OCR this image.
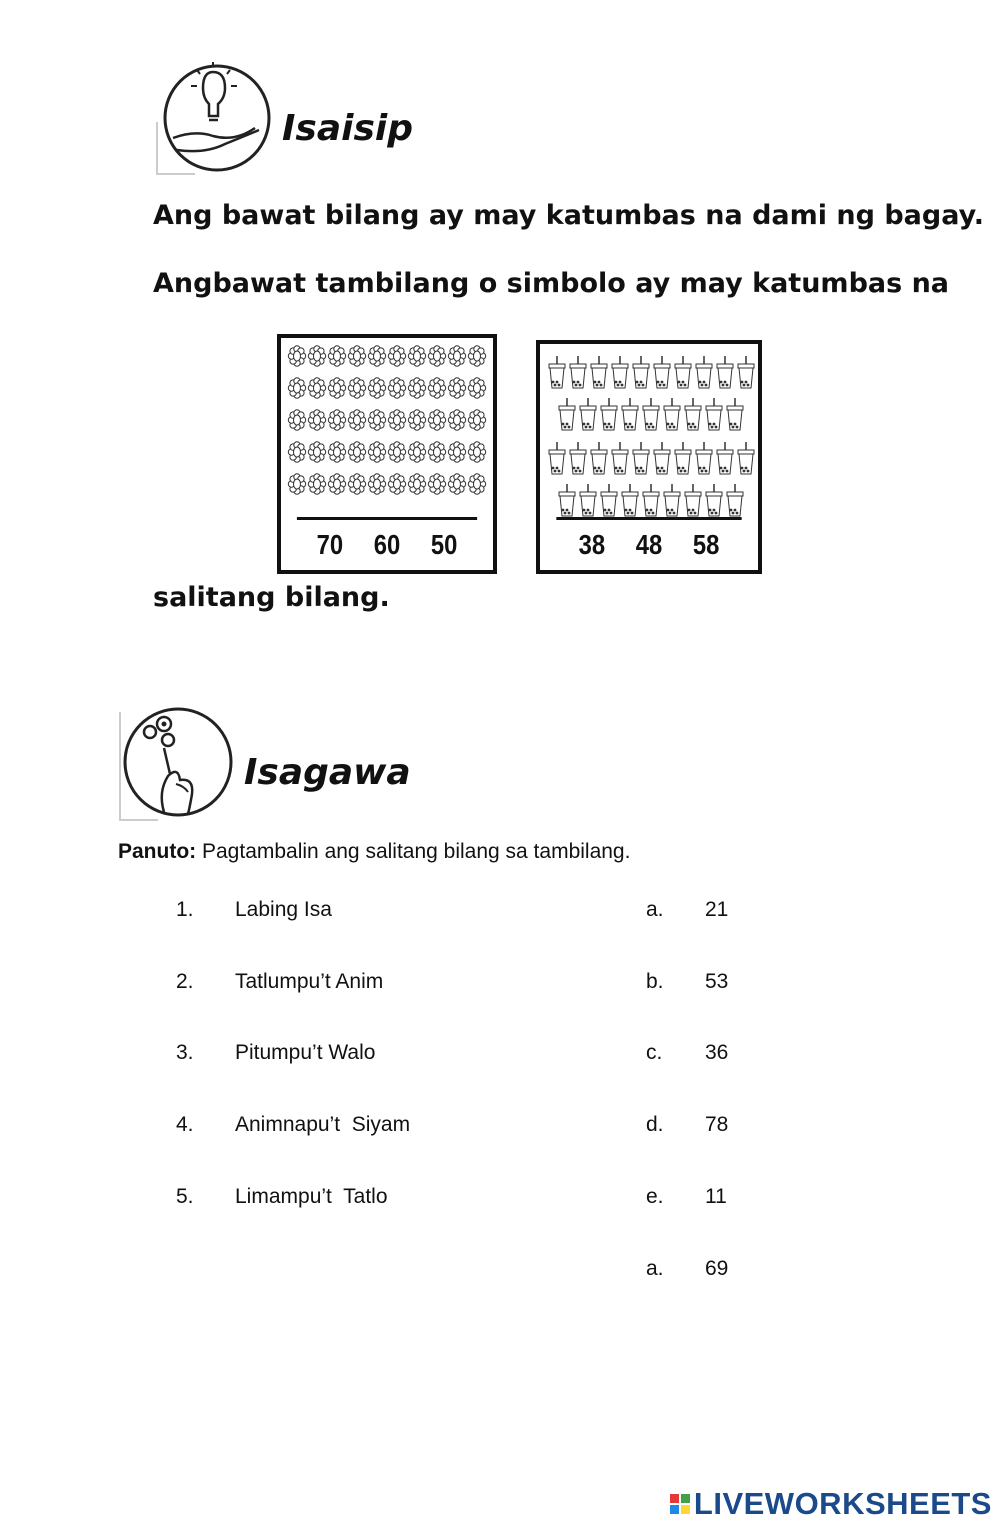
Isaisip
Ang bawat bilang ay may katumbas na dami ng bagay.
Angbawat tambilang o simbolo ay may katumbas na
70 60 50	38 48 58
salitang bilang.
Isagawa
Panuto: Pagtambalin ang salitang bilang sa tambilang.
1. Labing Isa	a. 21
2. Tatlumpu’t Anim	b. 53
3. Pitumpu’t Walo	c. 36
4. Animnapu’t  Siyam	d. 78
5. Limampu’t  Tatlo	e. 11
a. 69
LIVEWORKSHEETS
